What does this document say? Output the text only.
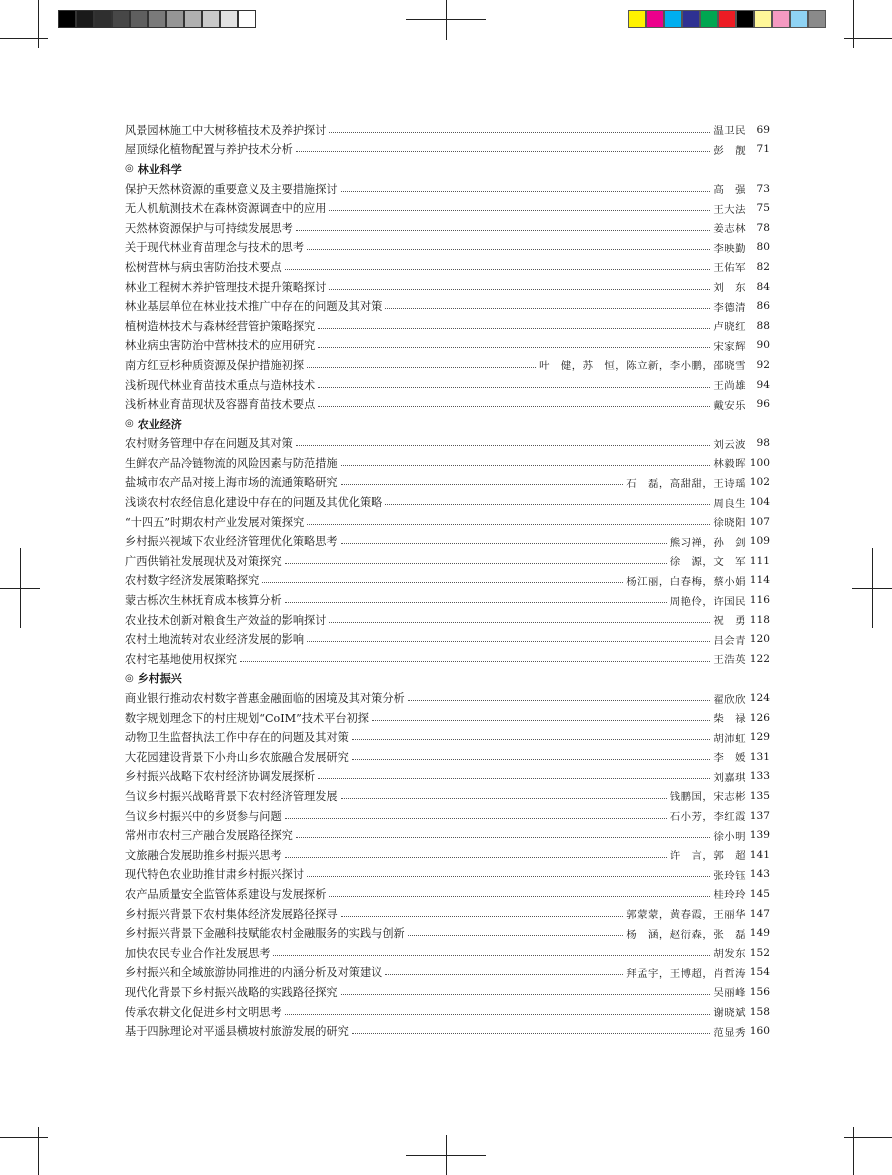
风景园林施工中大树移植技术及养护探讨	温卫民 69
屋顶绿化植物配置与养护技术分析	彭　靓 71
◎ 林业科学
保护天然林资源的重要意义及主要措施探讨	高　强 73
无人机航测技术在森林资源调查中的应用	王大法 75
天然林资源保护与可持续发展思考	姜志林 78
关于现代林业育苗理念与技术的思考	李映勤 80
松树营林与病虫害防治技术要点	王佑军 82
林业工程树木养护管理技术提升策略探讨	刘　东 84
林业基层单位在林业技术推广中存在的问题及其对策	李德清 86
植树造林技术与森林经营管护策略探究	卢晓红 88
林业病虫害防治中营林技术的应用研究	宋家辉 90
南方红豆杉种质资源及保护措施初探	叶　健，苏　恒，陈立新，李小鹏，邵晓雪 92
浅析现代林业育苗技术重点与造林技术	王尚雄 94
浅析林业育苗现状及容器育苗技术要点	戴安乐 96
◎ 农业经济
农村财务管理中存在问题及其对策	刘云波 98
生鲜农产品冷链物流的风险因素与防范措施	林毅晖 100
盐城市农产品对接上海市场的流通策略研究	石　磊，高甜甜，王诗瑶 102
浅谈农村农经信息化建设中存在的问题及其优化策略	周良生 104
“十四五”时期农村产业发展对策探究	徐晓阳 107
乡村振兴视域下农业经济管理优化策略思考	熊习禅，孙　剑 109
广西供销社发展现状及对策探究	徐　源，文　军 111
农村数字经济发展策略探究	杨江丽，白春梅，蔡小娟 114
蒙古栎次生林抚育成本核算分析	周艳伶，许国民 116
农业技术创新对粮食生产效益的影响探讨	祝　勇 118
农村土地流转对农业经济发展的影响	吕会青 120
农村宅基地使用权探究	王浩英 122
◎ 乡村振兴
商业银行推动农村数字普惠金融面临的困境及其对策分析	翟欣欣 124
数字规划理念下的村庄规划“CoIM”技术平台初探	柴　禄 126
动物卫生监督执法工作中存在的问题及其对策	胡沛虹 129
大花园建设背景下小舟山乡农旅融合发展研究	李　媛 131
乡村振兴战略下农村经济协调发展探析	刘嘉琪 133
刍议乡村振兴战略背景下农村经济管理发展	钱鹏国，宋志彬 135
刍议乡村振兴中的乡贤参与问题	石小芳，李红霞 137
常州市农村三产融合发展路径探究	徐小明 139
文旅融合发展助推乡村振兴思考	许　言，郭　超 141
现代特色农业助推甘肃乡村振兴探讨	张玲钰 143
农产品质量安全监管体系建设与发展探析	桂玲玲 145
乡村振兴背景下农村集体经济发展路径探寻	郭蒙蒙，黄春霞，王丽华 147
乡村振兴背景下金融科技赋能农村金融服务的实践与创新	杨　涵，赵衍森，张　磊 149
加快农民专业合作社发展思考	胡发东 152
乡村振兴和全域旅游协同推进的内涵分析及对策建议	拜孟宇，王博超，肖哲涛 154
现代化背景下乡村振兴战略的实践路径探究	吴丽峰 156
传承农耕文化促进乡村文明思考	谢晓斌 158
基于四脉理论对平遥县横坡村旅游发展的研究	范显秀 160
